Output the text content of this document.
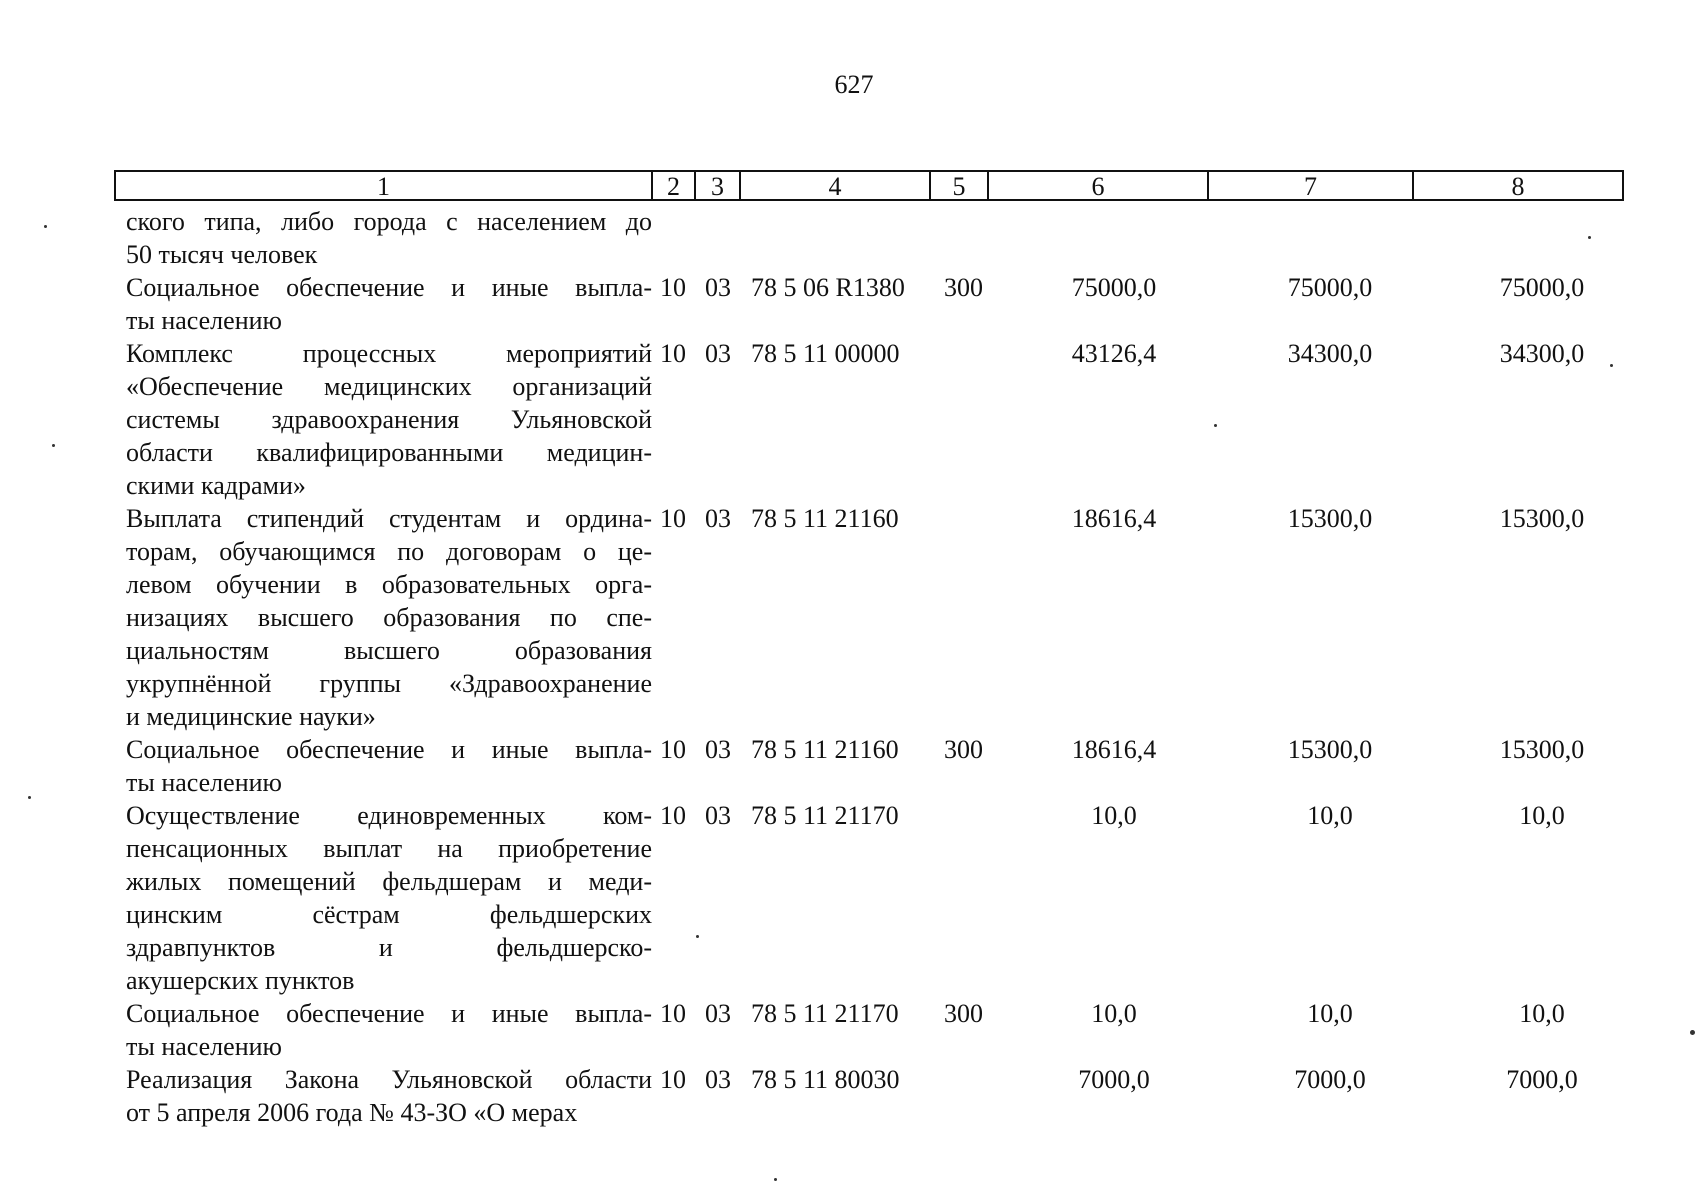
627
1	2	3	4	5	6	7	8
ского типа, либо города с населением до
50 тысяч человек
Социальное обеспечение и иные выпла-
ты населению
10 03 78 5 06 R1380 300	75000,0	75000,0	75000,0
Комплекс процессных мероприятий
«Обеспечение медицинских организаций
системы здравоохранения Ульяновской
области квалифицированными медицин-
скими кадрами»
10 03 78 5 11 00000	43126,4	34300,0	34300,0
Выплата стипендий студентам и ордина-
торам, обучающимся по договорам о це-
левом обучении в образовательных орга-
низациях высшего образования по спе-
циальностям высшего образования
укрупнённой группы «Здравоохранение
и медицинские науки»
10 03 78 5 11 21160	18616,4	15300,0	15300,0
Социальное обеспечение и иные выпла-
ты населению
10 03 78 5 11 21160 300	18616,4	15300,0	15300,0
Осуществление единовременных ком-
пенсационных выплат на приобретение
жилых помещений фельдшерам и меди-
цинским сёстрам фельдшерских
здравпунктов и фельдшерско-
акушерских пунктов
10 03 78 5 11 21170	10,0	10,0	10,0
Социальное обеспечение и иные выпла-
ты населению
10 03 78 5 11 21170 300	10,0	10,0	10,0
Реализация Закона Ульяновской области
от 5 апреля 2006 года № 43-ЗО «О мерах
10 03 78 5 11 80030	7000,0	7000,0	7000,0
